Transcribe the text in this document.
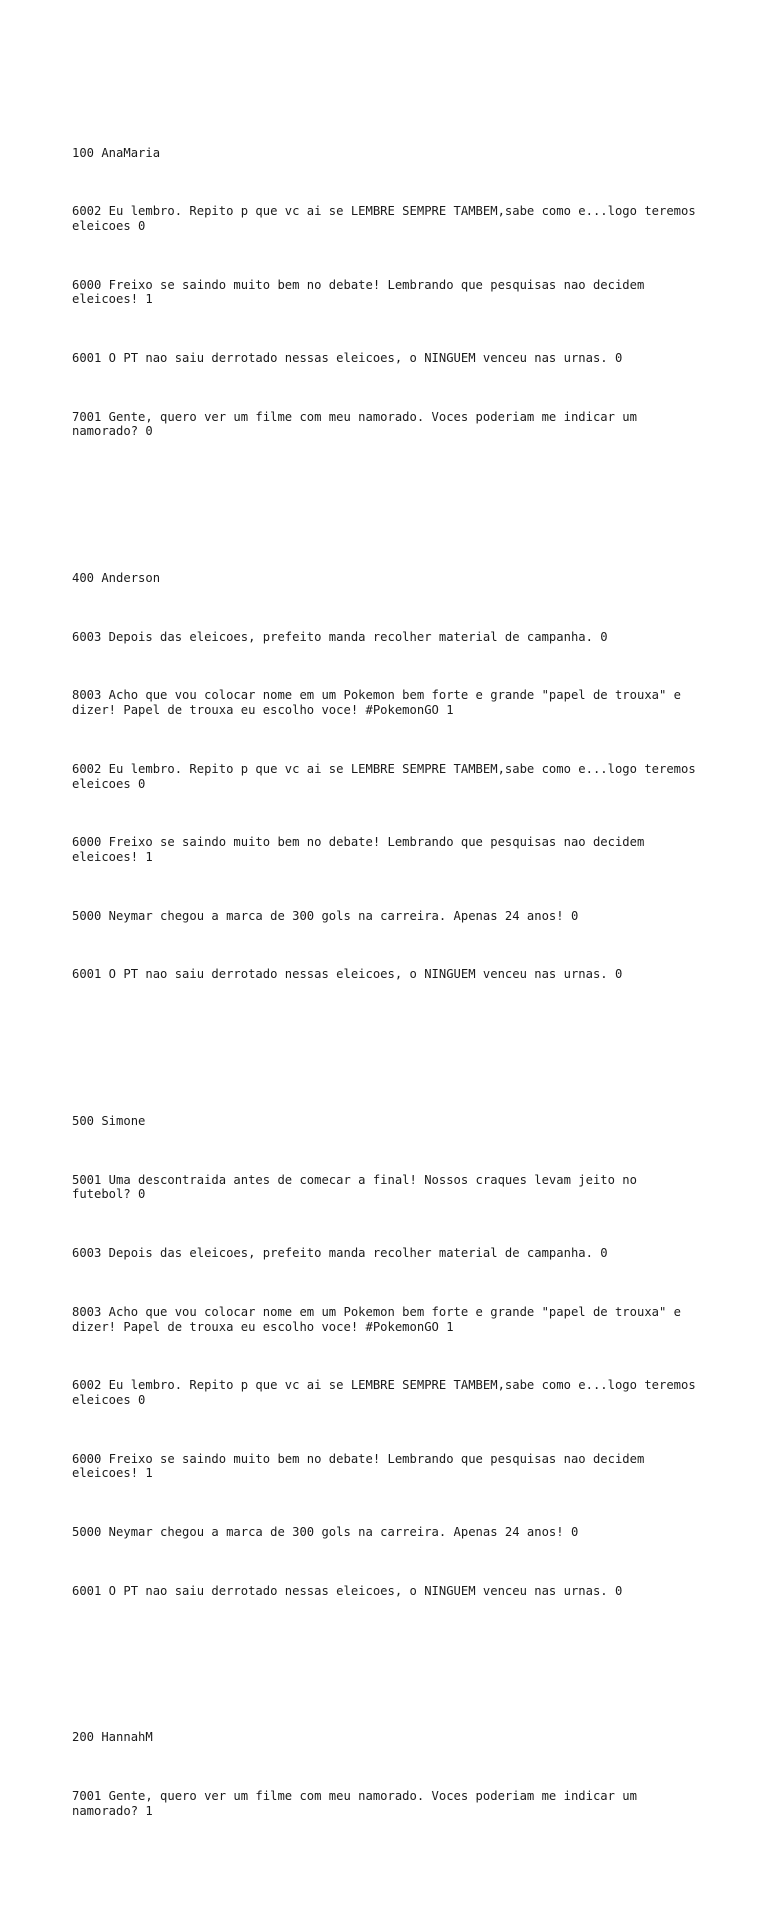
100 AnaMaria

6002 Eu lembro. Repito p que vc ai se LEMBRE SEMPRE TAMBEM,sabe como e...logo teremos eleicoes 0

6000 Freixo se saindo muito bem no debate! Lembrando que pesquisas nao decidem eleicoes! 1

6001 O PT nao saiu derrotado nessas eleicoes, o NINGUEM venceu nas urnas. 0

7001 Gente, quero ver um filme com meu namorado. Voces poderiam me indicar um namorado? 0

400 Anderson

6003 Depois das eleicoes, prefeito manda recolher material de campanha. 0

8003 Acho que vou colocar nome em um Pokemon bem forte e grande "papel de trouxa" e dizer! Papel de trouxa eu escolho voce! #PokemonGO 1

6002 Eu lembro. Repito p que vc ai se LEMBRE SEMPRE TAMBEM,sabe como e...logo teremos eleicoes 0

6000 Freixo se saindo muito bem no debate! Lembrando que pesquisas nao decidem eleicoes! 1

5000 Neymar chegou a marca de 300 gols na carreira. Apenas 24 anos! 0

6001 O PT nao saiu derrotado nessas eleicoes, o NINGUEM venceu nas urnas. 0

500 Simone

5001 Uma descontraida antes de comecar a final! Nossos craques levam jeito no futebol? 0

6003 Depois das eleicoes, prefeito manda recolher material de campanha. 0

8003 Acho que vou colocar nome em um Pokemon bem forte e grande "papel de trouxa" e dizer! Papel de trouxa eu escolho voce! #PokemonGO 1

6002 Eu lembro. Repito p que vc ai se LEMBRE SEMPRE TAMBEM,sabe como e...logo teremos eleicoes 0

6000 Freixo se saindo muito bem no debate! Lembrando que pesquisas nao decidem eleicoes! 1

5000 Neymar chegou a marca de 300 gols na carreira. Apenas 24 anos! 0

6001 O PT nao saiu derrotado nessas eleicoes, o NINGUEM venceu nas urnas. 0

200 HannahM

7001 Gente, quero ver um filme com meu namorado. Voces poderiam me indicar um namorado? 1
